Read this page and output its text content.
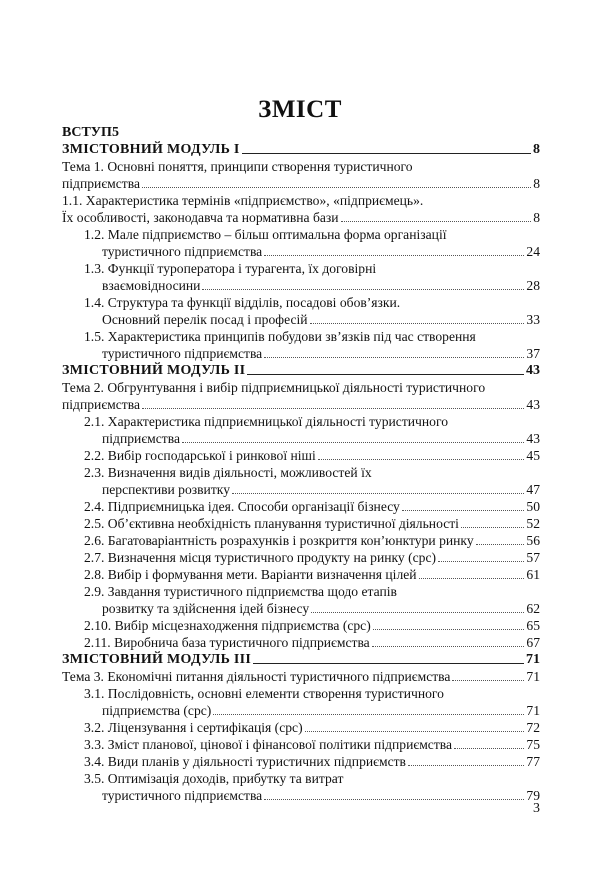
ЗМІСТ
ВСТУП5
ЗМІСТОВНИЙ МОДУЛЬ І	8
Тема 1. Основні поняття, принципи створення туристичного
підприємства	8
1.1. Характеристика термінів «підприємство», «підприємець».
Їх особливості, законодавча та нормативна бази	8
1.2. Мале підприємство – більш оптимальна форма організації
туристичного підприємства	24
1.3. Функції туроператора і турагента, їх договірні
взаємовідносини	28
1.4. Структура та функції відділів, посадові обов’язки.
Основний перелік посад і професій	33
1.5. Характеристика принципів побудови зв’язків під час створення
туристичного підприємства	37
ЗМІСТОВНИЙ МОДУЛЬ ІІ	43
Тема 2. Обгрунтування і вибір підприємницької діяльності туристичного
підприємства	43
2.1. Характеристика підприємницької діяльності туристичного
підприємства	43
2.2. Вибір господарської і ринкової ніші	45
2.3. Визначення видів діяльності, можливостей їх
перспективи розвитку	47
2.4. Підприємницька ідея. Способи організації бізнесу	50
2.5. Об’єктивна необхідність планування туристичної діяльності	52
2.6. Багатоваріантність розрахунків і розкриття кон’юнктури ринку	56
2.7. Визначення місця туристичного продукту на ринку (срс)	57
2.8. Вибір і формування мети. Варіанти визначення цілей	61
2.9. Завдання туристичного підприємства щодо етапів
розвитку та здійснення ідей бізнесу	62
2.10. Вибір місцезнаходження підприємства (срс)	65
2.11. Виробнича база туристичного підприємства	67
ЗМІСТОВНИЙ МОДУЛЬ ІІІ	71
Тема 3. Економічні питання діяльності туристичного підприємства	71
3.1. Послідовність, основні елементи створення туристичного
підприємства (срс)	71
3.2. Ліцензування і сертифікація (срс)	72
3.3. Зміст планової, цінової і фінансової політики підприємства	75
3.4. Види планів у діяльності туристичних підприємств	77
3.5. Оптимізація доходів, прибутку та витрат
туристичного підприємства	79
3
